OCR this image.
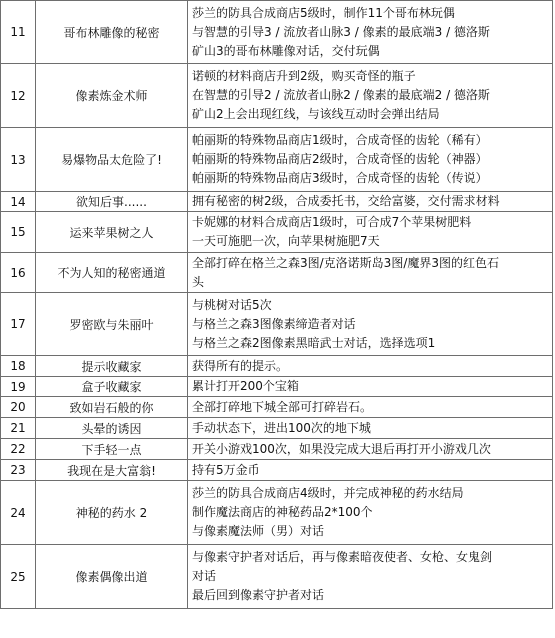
11	哥布林雕像的秘密	莎兰的防具合成商店5级时，制作11个哥布林玩偶
与智慧的引导3 / 流放者山脉3 / 像素的最底端3 / 德洛斯
矿山3的哥布林雕像对话，交付玩偶

12	像素炼金术师	诺顿的材料商店升到2级，购买奇怪的瓶子
在智慧的引导2 / 流放者山脉2 / 像素的最底端2 / 德洛斯
矿山2上会出现红线，与该线互动时会弹出结局

13	易爆物品太危险了!	帕丽斯的特殊物品商店1级时，合成奇怪的齿轮（稀有）
帕丽斯的特殊物品商店2级时，合成奇怪的齿轮（神器）
帕丽斯的特殊物品商店3级时，合成奇怪的齿轮（传说）

14	欲知后事......	拥有秘密的树2级，合成委托书，交给富婆，交付需求材料

15	运来苹果树之人	卡妮娜的材料合成商店1级时，可合成7个苹果树肥料
一天可施肥一次，向苹果树施肥7天

16	不为人知的秘密通道	全部打碎在格兰之森3图/克洛诺斯岛3图/魔界3图的红色石
头

17	罗密欧与朱丽叶	与桃树对话5次
与格兰之森3图像素缔造者对话
与格兰之森2图像素黑暗武士对话，选择选项1

18	提示收藏家	获得所有的提示。

19	盒子收藏家	累计打开200个宝箱

20	致如岩石般的你	全部打碎地下城全部可打碎岩石。

21	头晕的诱因	手动状态下，进出100次的地下城

22	下手轻一点	开关小游戏100次，如果没完成大退后再打开小游戏几次

23	我现在是大富翁!	持有5万金币

24	神秘的药水 2	莎兰的防具合成商店4级时，并完成神秘的药水结局
制作魔法商店的神秘药品2*100个
与像素魔法师（男）对话

25	像素偶像出道	与像素守护者对话后，再与像素暗夜使者、女枪、女鬼剑
对话
最后回到像素守护者对话
